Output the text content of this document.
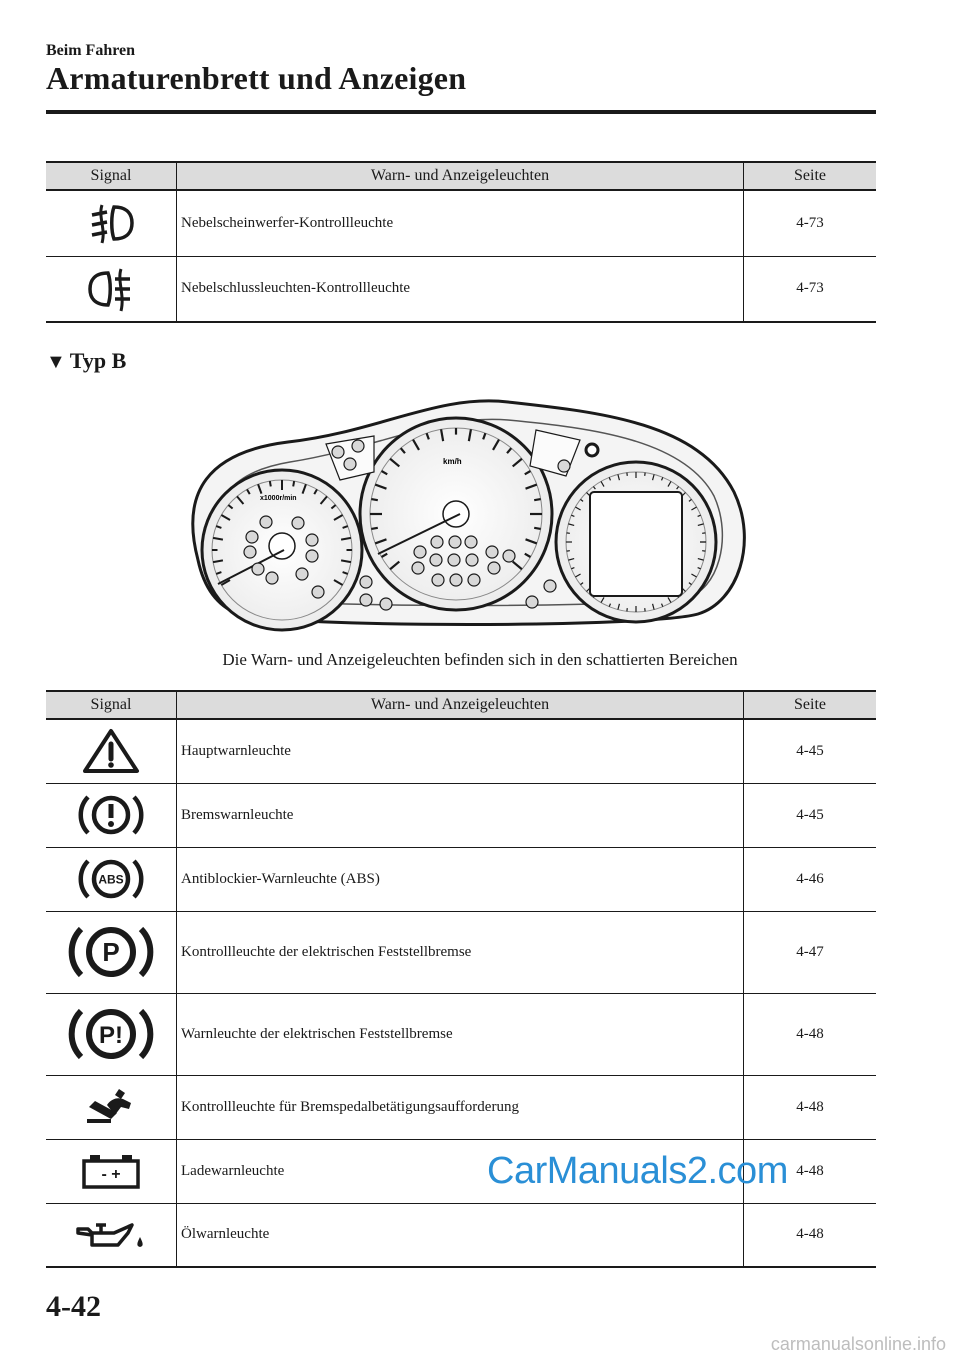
Beim Fahren
Armaturenbrett und Anzeigen
Signal	Warn- und Anzeigeleuchten	Seite

	Nebelscheinwerfer-Kontrollleuchte	4-73

	Nebelschlussleuchten-Kontrollleuchte	4-73
▼ Typ B
x1000r/min
km/h
Die Warn- und Anzeigeleuchten befinden sich in den schattierten Bereichen
Signal	Warn- und Anzeigeleuchten	Seite

	Hauptwarnleuchte	4-45

	Bremswarnleuchte	4-45

ABS	Antiblockier-Warnleuchte (ABS)	4-46

P	Kontrollleuchte der elektrischen Feststellbremse	4-47

P!	Warnleuchte der elektrischen Feststellbremse	4-48

	Kontrollleuchte für Bremspedalbetätigungsaufforderung	4-48

- +	Ladewarnleuchte	4-48

	Ölwarnleuchte	4-48
CarManuals2.com
4-42
carmanualsonline.info
